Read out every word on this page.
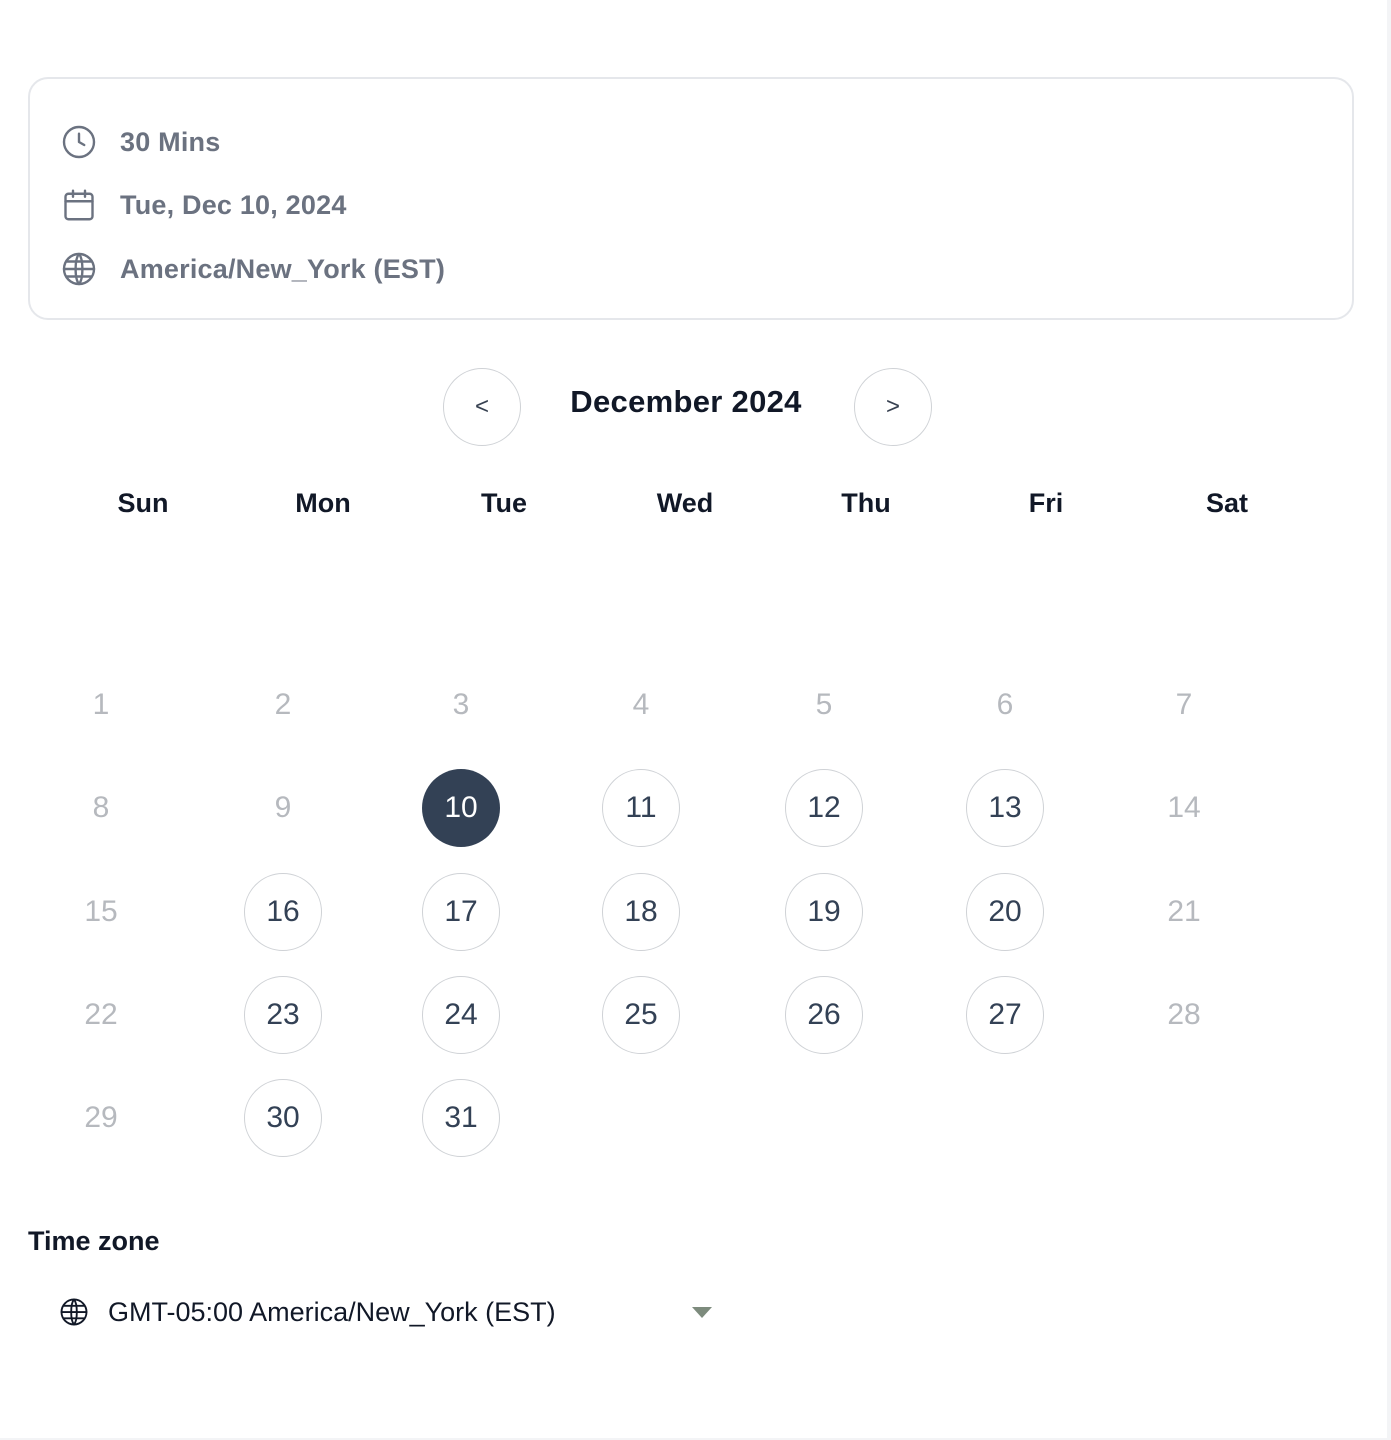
30 Mins
Tue, Dec 10, 2024
America/New_York (EST)
<	December 2024	>
Sun	Mon	Tue	Wed	Thu	Fri	Sat
1	2	3	4	5	6	7
8	9	10	11	12	13	14
15	16	17	18	19	20	21
22	23	24	25	26	27	28
29	30	31
Time zone
GMT-05:00 America/New_York (EST)
